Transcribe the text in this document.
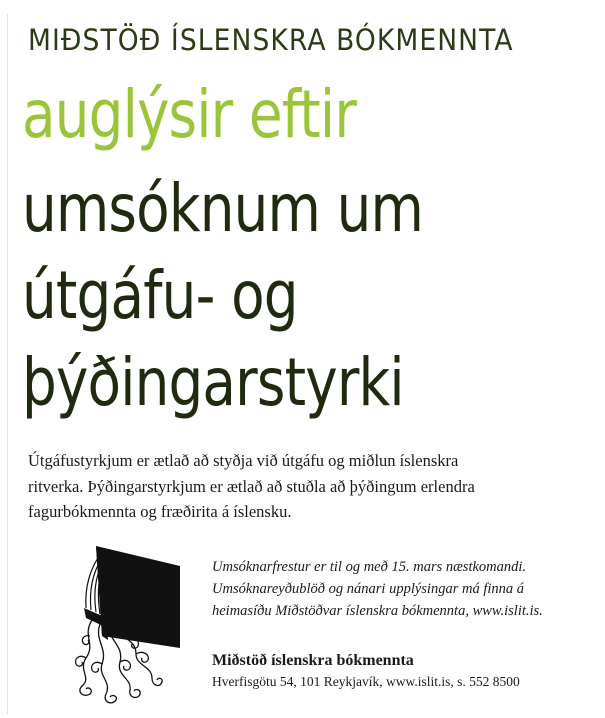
MIÐSTÖÐ ÍSLENSKRA BÓKMENNTA
auglýsir eftir
umsóknum um
útgáfu- og
þýðingarstyrki
Útgáfustyrkjum er ætlað að styðja við útgáfu og miðlun íslenskra
ritverka. Þýðingarstyrkjum er ætlað að stuðla að þýðingum erlendra
fagurbókmennta og fræðirita á íslensku.
Umsóknarfrestur er til og með 15. mars næstkomandi.
Umsóknareyðublöð og nánari upplýsingar má finna á
heimasíðu Miðstöðvar íslenskra bókmennta, www.islit.is.
Miðstöð íslenskra bókmennta
Hverfisgötu 54, 101 Reykjavík, www.islit.is, s. 552 8500
